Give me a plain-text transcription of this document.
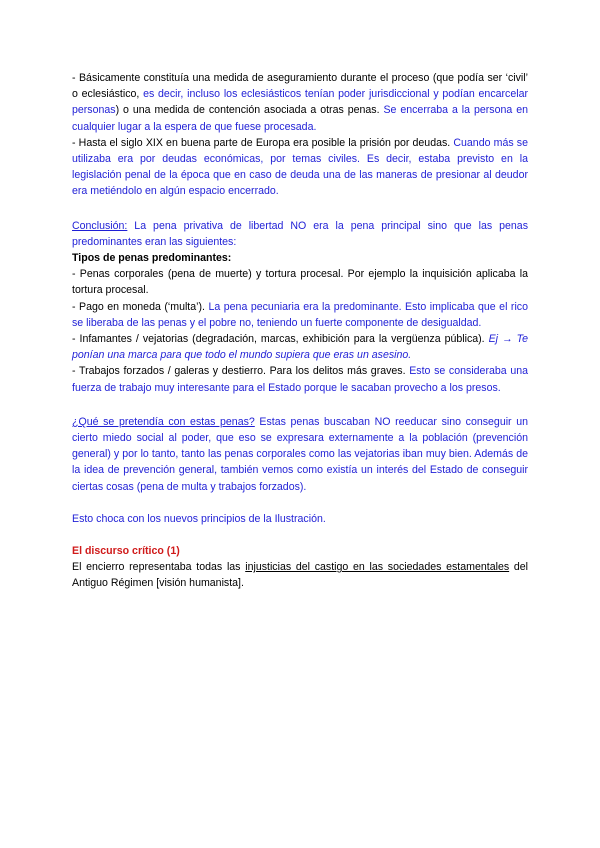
- Básicamente constituía una medida de aseguramiento durante el proceso (que podía ser ‘civil’ o eclesiástico, es decir, incluso los eclesiásticos tenían poder jurisdiccional y podían encarcelar personas) o una medida de contención asociada a otras penas. Se encerraba a la persona en cualquier lugar a la espera de que fuese procesada.

- Hasta el siglo XIX en buena parte de Europa era posible la prisión por deudas. Cuando más se utilizaba era por deudas económicas, por temas civiles. Es decir, estaba previsto en la legislación penal de la época que en caso de deuda una de las maneras de presionar al deudor era metiéndolo en algún espacio encerrado.

Conclusión: La pena privativa de libertad NO era la pena principal sino que las penas predominantes eran las siguientes:

Tipos de penas predominantes:

- Penas corporales (pena de muerte) y tortura procesal. Por ejemplo la inquisición aplicaba la tortura procesal.

- Pago en moneda (‘multa’). La pena pecuniaria era la predominante. Esto implicaba que el rico se liberaba de las penas y el pobre no, teniendo un fuerte componente de desigualdad.

- Infamantes / vejatorias (degradación, marcas, exhibición para la vergüenza pública). Ej → Te ponían una marca para que todo el mundo supiera que eras un asesino.

- Trabajos forzados / galeras y destierro. Para los delitos más graves. Esto se consideraba una fuerza de trabajo muy interesante para el Estado porque le sacaban provecho a los presos.

¿Qué se pretendía con estas penas? Estas penas buscaban NO reeducar sino conseguir un cierto miedo social al poder, que eso se expresara externamente a la población (prevención general) y por lo tanto, tanto las penas corporales como las vejatorias iban muy bien. Además de la idea de prevención general, también vemos como existía un interés del Estado de conseguir ciertas cosas (pena de multa y trabajos forzados).

Esto choca con los nuevos principios de la Ilustración.

El discurso crítico (1)

El encierro representaba todas las injusticias del castigo en las sociedades estamentales del Antiguo Régimen [visión humanista].
